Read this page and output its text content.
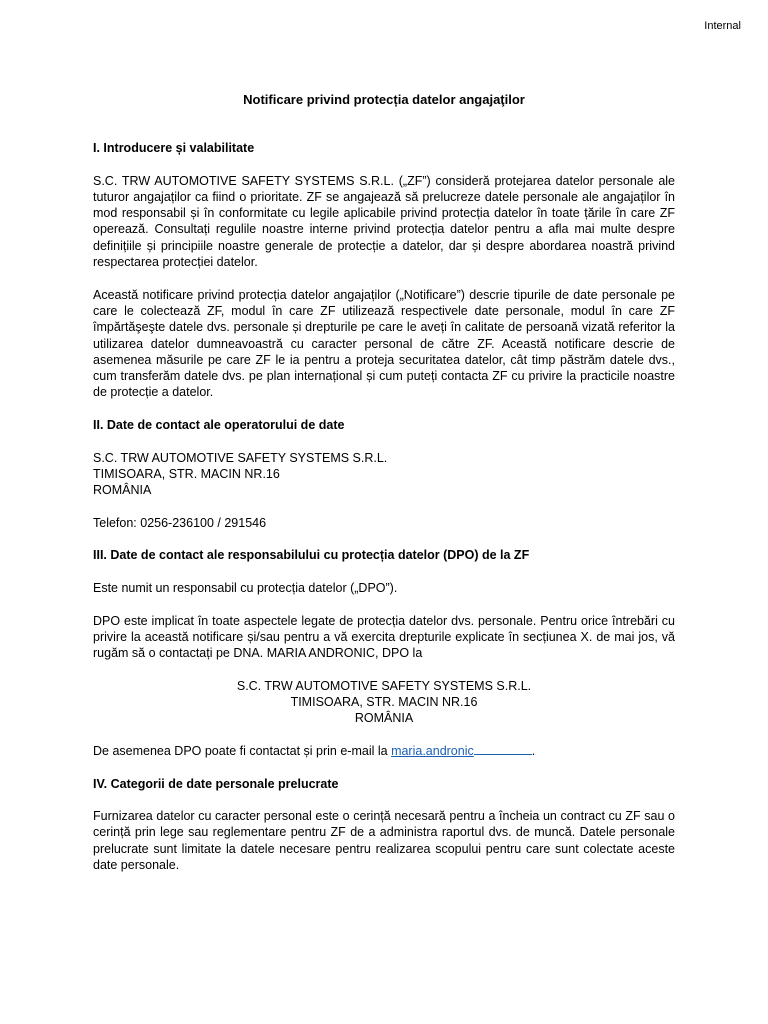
Internal
Notificare privind protecția datelor angajaţilor

I. Introducere și valabilitate

S.C. TRW AUTOMOTIVE SAFETY SYSTEMS S.R.L. („ZF”) consideră protejarea datelor personale ale tuturor angajaților ca fiind o prioritate. ZF se angajează să prelucreze datele personale ale angajaților în mod responsabil și în conformitate cu legile aplicabile privind protecția datelor în toate țările în care ZF operează. Consultați regulile noastre interne privind protecția datelor pentru a afla mai multe despre definițiile și principiile noastre generale de protecție a datelor, dar și despre abordarea noastră privind respectarea protecției datelor.

Această notificare privind protecția datelor angajaților („Notificare”) descrie tipurile de date personale pe care le colectează ZF, modul în care ZF utilizează respectivele date personale, modul în care ZF împărtăşeşte datele dvs. personale și drepturile pe care le aveți în calitate de persoană vizată referitor la utilizarea datelor dumneavoastră cu caracter personal de către ZF. Această notificare descrie de asemenea măsurile pe care ZF le ia pentru a proteja securitatea datelor, cât timp păstrăm datele dvs., cum transferăm datele dvs. pe plan internațional și cum puteți contacta ZF cu privire la practicile noastre de protecție a datelor.

II. Date de contact ale operatorului de date

S.C. TRW AUTOMOTIVE SAFETY SYSTEMS S.R.L.

TIMISOARA, STR. MACIN NR.16

ROMÂNIA

Telefon: 0256-236100 / 291546

III. Date de contact ale responsabilului cu protecția datelor (DPO) de la ZF

Este numit un responsabil cu protecția datelor („DPO”).

DPO este implicat în toate aspectele legate de protecția datelor dvs. personale. Pentru orice întrebări cu privire la această notificare și/sau pentru a vă exercita drepturile explicate în secțiunea X. de mai jos, vă rugăm să o contactați pe DNA. MARIA ANDRONIC, DPO la

S.C. TRW AUTOMOTIVE SAFETY SYSTEMS S.R.L.

TIMISOARA, STR. MACIN NR.16

ROMÂNIA

De asemenea DPO poate fi contactat și prin e-mail la maria.andronic	.

IV. Categorii de date personale prelucrate

Furnizarea datelor cu caracter personal este o cerință necesară pentru a încheia un contract cu ZF sau o cerință prin lege sau reglementare pentru ZF de a administra raportul dvs. de muncă. Datele personale prelucrate sunt limitate la datele necesare pentru realizarea scopului pentru care sunt colectate aceste date personale.
